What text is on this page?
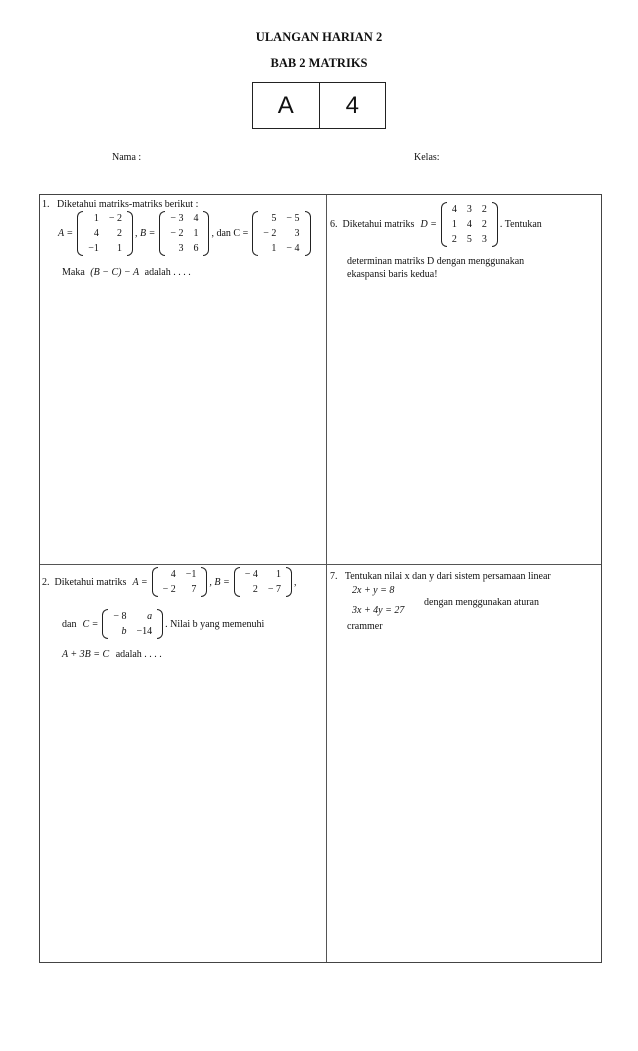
ULANGAN HARIAN 2
BAB 2 MATRIKS
A	4
Nama :	Kelas:
1. Diketahui matriks-matriks berikut :
A =
1	− 2
4	2
−1	1
, B =
− 3	4
− 2	1
3	6
, dan C =
5	− 5
− 2	3
1	− 4
Maka (B − C) − A adalah . . . .
6.
Diketahui matriks D =
4	3	2
1	4	2
2	5	3
. Tentukan
determinan matriks D dengan menggunakan
ekaspansi baris kedua!
2.
Diketahui matriks A =
4	−1
− 2	7
, B =
− 4	1
2	− 7
,
dan C =
− 8	a
b	−14
. Nilai b yang memenuhi
A + 3B = C adalah . . . .
7. Tentukan nilai x dan y dari sistem persamaan linear
2x + y = 8
dengan menggunakan aturan
3x + 4y = 27
crammer
